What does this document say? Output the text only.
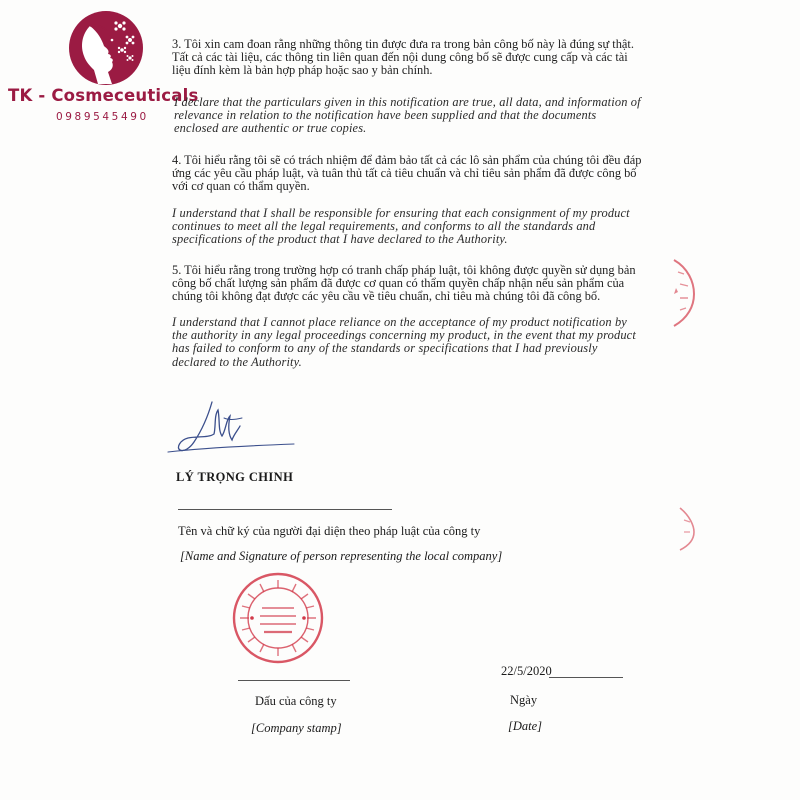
TK - Cosmeceuticals
0989545490
3. Tôi xin cam đoan rằng những thông tin được đưa ra trong bản công bố này là đúng sự thật. Tất cả các tài liệu, các thông tin liên quan đến nội dung công bố sẽ được cung cấp và các tài liệu đính kèm là bản hợp pháp hoặc sao y bản chính.
I declare that the particulars given in this notification are true, all data, and information of relevance in relation to the notification have been supplied and that the documents enclosed are authentic or true copies.
4. Tôi hiểu rằng tôi sẽ có trách nhiệm để đảm bảo tất cả các lô sản phẩm của chúng tôi đều đáp ứng các yêu cầu pháp luật, và tuân thủ tất cả tiêu chuẩn và chỉ tiêu sản phẩm đã được công bố với cơ quan có thẩm quyền.
I understand that I shall be responsible for ensuring that each consignment of my product continues to meet all the legal requirements, and conforms to all the standards and specifications of the product that I have declared to the Authority.
5. Tôi hiểu rằng trong trường hợp có tranh chấp pháp luật, tôi không được quyền sử dụng bản công bố chất lượng sản phẩm đã được cơ quan có thẩm quyền chấp nhận nếu sản phẩm của chúng tôi không đạt được các yêu cầu về tiêu chuẩn, chỉ tiêu mà chúng tôi đã công bố.
I understand that I cannot place reliance on the acceptance of my product notification by the authority in any legal proceedings concerning my product, in the event that my product has failed to conform to any of the standards or specifications that I had previously declared to the Authority.
LÝ TRỌNG CHINH
Tên và chữ ký của người đại diện theo pháp luật của công ty
[Name and Signature of person representing the local company]
Dấu của công ty
[Company stamp]
22/5/2020
Ngày
[Date]
